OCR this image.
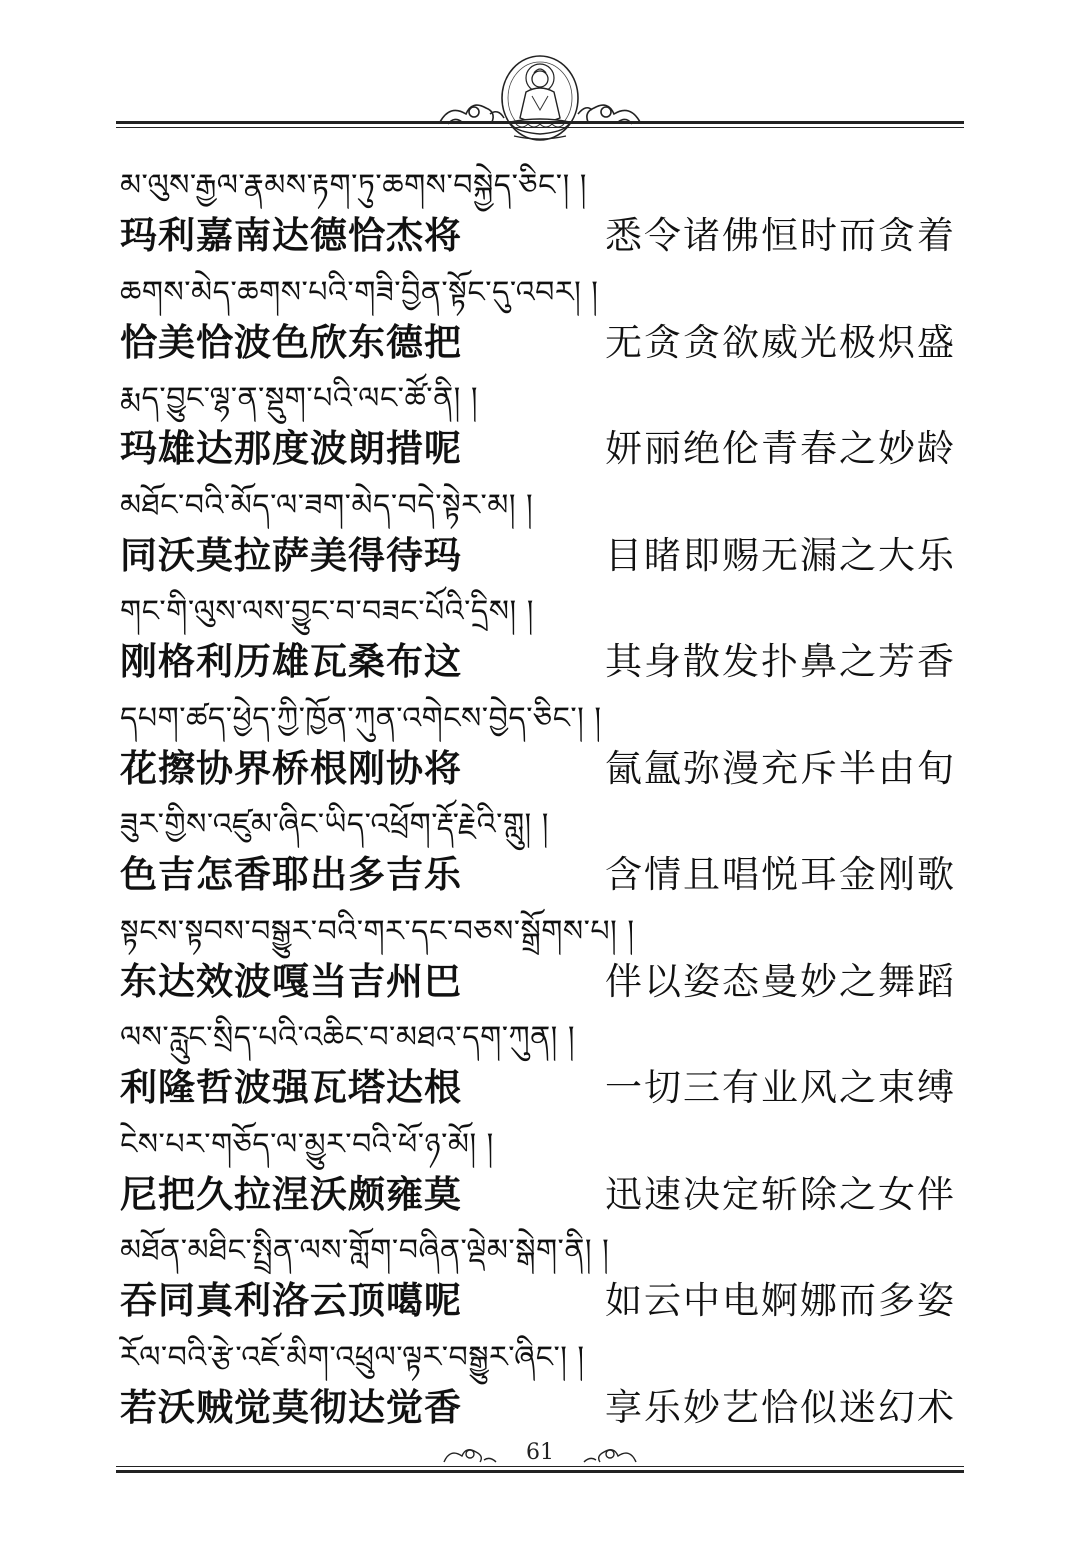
མ་ལུས་རྒྱལ་རྣམས་རྟག་ཏུ་ཆགས་བསྐྱེད་ཅིང་། །
玛利嘉南达德恰杰将	悉令诸佛恒时而贪着
ཆགས་མེད་ཆགས་པའི་གཟི་བྱིན་སྟོང་དུ་འབར། །
恰美恰波色欣东德把	无贪贪欲威光极炽盛
རྨད་བྱུང་ལྷ་ན་སྡུག་པའི་ལང་ཚོ་ནི། །
玛雄达那度波朗措呢	妍丽绝伦青春之妙龄
མཐོང་བའི་མོད་ལ་ཟག་མེད་བདེ་སྟེར་མ། །
同沃莫拉萨美得待玛	目睹即赐无漏之大乐
གང་གི་ལུས་ལས་བྱུང་བ་བཟང་པོའི་དྲིས། །
刚格利历雄瓦桑布这	其身散发扑鼻之芳香
དཔག་ཚད་ཕྱེད་ཀྱི་ཁྱོན་ཀུན་འགེངས་བྱེད་ཅིང་། །
花擦协界桥根刚协将	氤氲弥漫充斥半由旬
ཟུར་གྱིས་འཛུམ་ཞིང་ཡིད་འཕྲོག་རྡོ་རྗེའི་གླུ། །
色吉怎香耶出多吉乐	含情且唱悦耳金刚歌
སྟངས་སྟབས་བསྒྱུར་བའི་གར་དང་བཅས་སྒྲོགས་པ། །
东达效波嘎当吉州巴	伴以姿态曼妙之舞蹈
ལས་རླུང་སྲིད་པའི་འཆིང་བ་མཐའ་དག་ཀུན། །
利隆哲波强瓦塔达根	一切三有业风之束缚
ངེས་པར་གཅོད་ལ་མྱུར་བའི་ཕོ་ཉ་མོ། །
尼把久拉涅沃颇雍莫	迅速决定斩除之女伴
མཐོན་མཐིང་སྤྲིན་ལས་གློག་བཞིན་ལྡེམ་སྒེག་ནི། །
吞同真利洛云顶噶呢	如云中电婀娜而多姿
རོལ་བའི་རྩེ་འཇོ་མིག་འཕྲུལ་ལྟར་བསྒྱུར་ཞིང་། །
若沃贼觉莫彻达觉香	享乐妙艺恰似迷幻术
61
